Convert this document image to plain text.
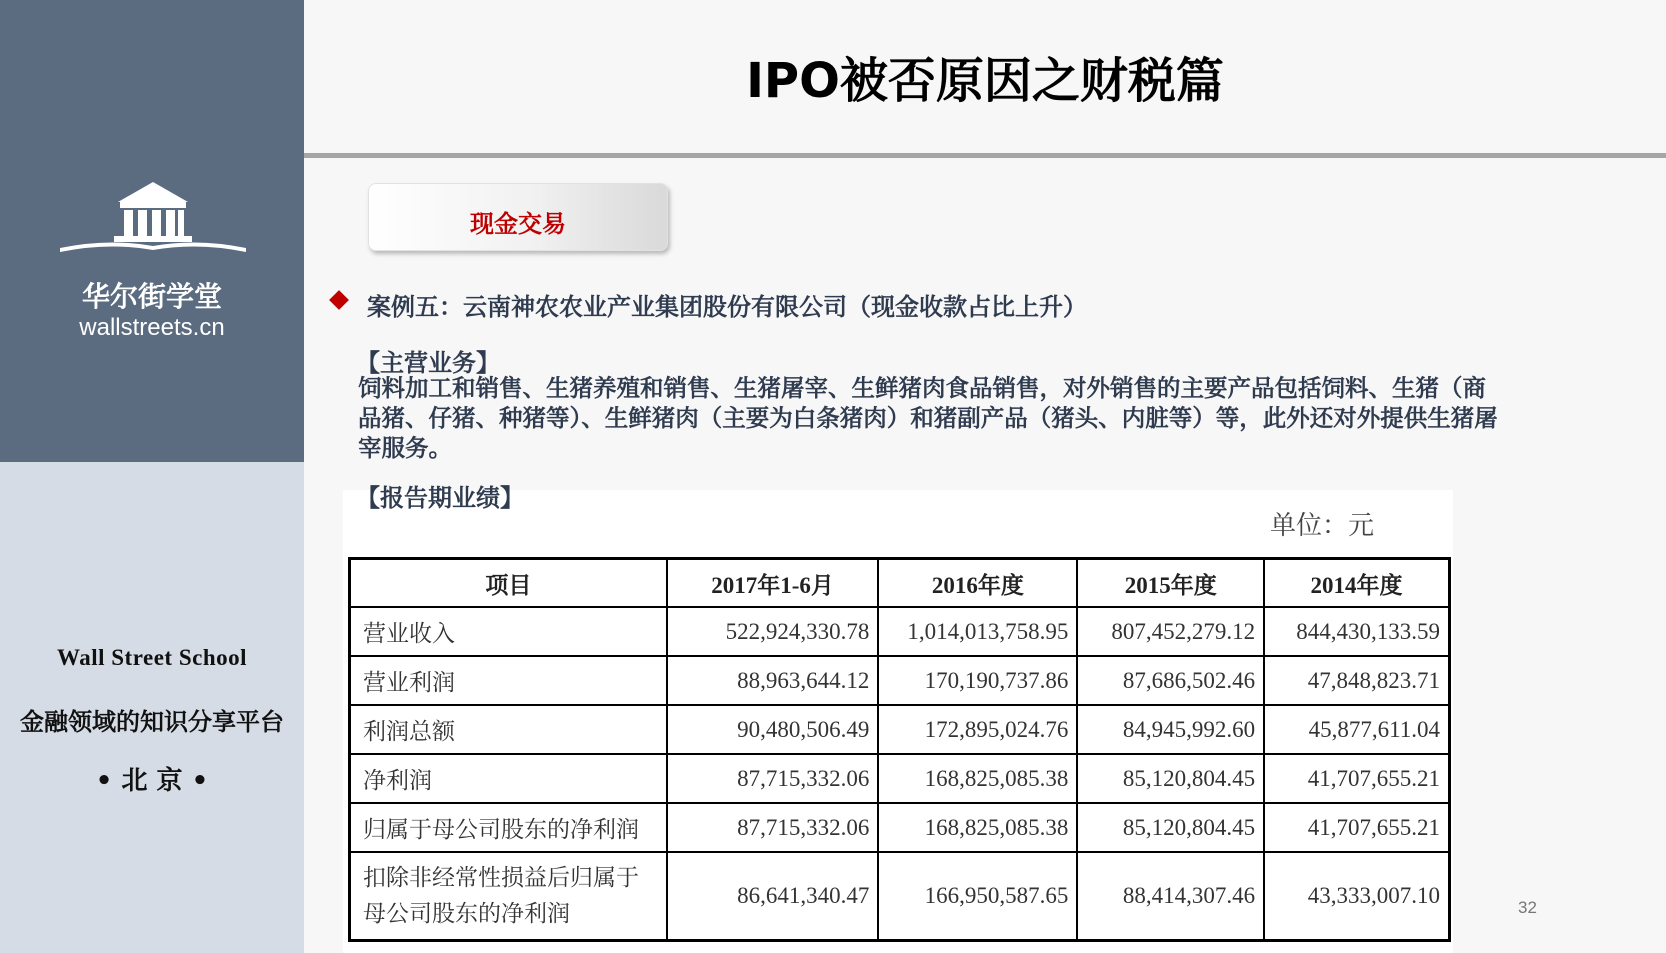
华尔街学堂
wallstreets.cn
Wall Street School
金融领域的知识分享平台
• 北 京 •
IPO被否原因之财税篇
现金交易
案例五：云南神农农业产业集团股份有限公司（现金收款占比上升）
【主营业务】
饲料加工和销售、生猪养殖和销售、生猪屠宰、生鲜猪肉食品销售，对外销售的主要产品包括饲料、生猪（商品猪、仔猪、种猪等）、生鲜猪肉（主要为白条猪肉）和猪副产品（猪头、内脏等）等，此外还对外提供生猪屠宰服务。
【报告期业绩】
单位：元
项目	2017年1-6月	2016年度	2015年度	2014年度
营业收入	522,924,330.78	1,014,013,758.95	807,452,279.12	844,430,133.59
营业利润	88,963,644.12	170,190,737.86	87,686,502.46	47,848,823.71
利润总额	90,480,506.49	172,895,024.76	84,945,992.60	45,877,611.04
净利润	87,715,332.06	168,825,085.38	85,120,804.45	41,707,655.21
归属于母公司股东的净利润	87,715,332.06	168,825,085.38	85,120,804.45	41,707,655.21
扣除非经常性损益后归属于母公司股东的净利润	86,641,340.47	166,950,587.65	88,414,307.46	43,333,007.10	32
